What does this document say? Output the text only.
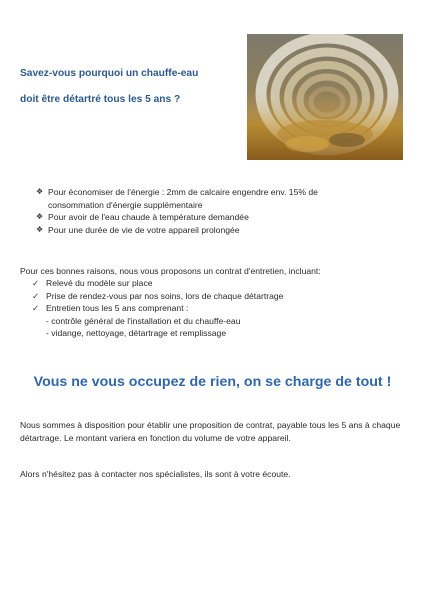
Savez-vous pourquoi un chauffe-eau
doit être détartré tous les 5 ans ?
❖ Pour économiser de l'énergie : 2mm de calcaire engendre env. 15% de
consommation d'énergie supplémentaire
❖ Pour avoir de l'eau chaude à température demandée
❖ Pour une durée de vie de votre appareil prolongée

Pour ces bonnes raisons, nous vous proposons un contrat d'entretien, incluant:

✓ Relevé du modèle sur place
✓ Prise de rendez-vous par nos soins, lors de chaque détartrage
✓ Entretien tous les 5 ans comprenant :
- contrôle général de l'installation et du chauffe-eau
- vidange, nettoyage, détartrage et remplissage
Vous ne vous occupez de rien, on se charge de tout !

Nous sommes à disposition pour établir une proposition de contrat, payable tous les 5 ans à chaque détartrage. Le montant variera en fonction du volume de votre appareil.

Alors n'hésitez pas à contacter nos spécialistes, ils sont à votre écoute.
